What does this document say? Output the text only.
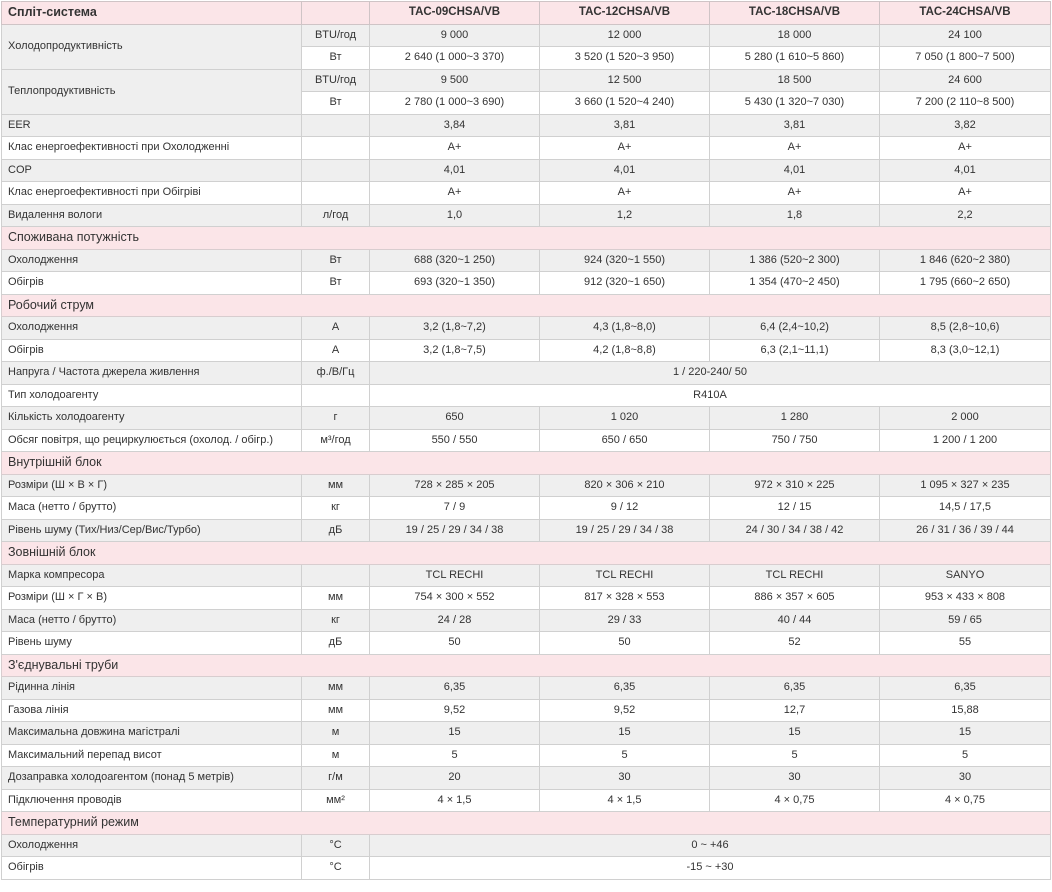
Спліт-система		TAC-09CHSA/VB	TAC-12CHSA/VB	TAC-18CHSA/VB	TAC-24CHSA/VB
Холодопродуктивність	BTU/год	9 000	12 000	18 000	24 100
	Вт	2 640 (1 000~3 370)	3 520 (1 520~3 950)	5 280 (1 610~5 860)	7 050 (1 800~7 500)
Теплопродуктивність	BTU/год	9 500	12 500	18 500	24 600
	Вт	2 780 (1 000~3 690)	3 660 (1 520~4 240)	5 430 (1 320~7 030)	7 200 (2 110~8 500)
EER		3,84	3,81	3,81	3,82
Клас енергоефективності при Охолодженні		A+	A+	A+	A+
COP		4,01	4,01	4,01	4,01
Клас енергоефективності при Обігріві		A+	A+	A+	A+
Видалення вологи	л/год	1,0	1,2	1,8	2,2
Споживана потужність					
Охолодження	Вт	688 (320~1 250)	924 (320~1 550)	1 386 (520~2 300)	1 846 (620~2 380)
Обігрів	Вт	693 (320~1 350)	912 (320~1 650)	1 354 (470~2 450)	1 795 (660~2 650)
Робочий струм					
Охолодження	А	3,2 (1,8~7,2)	4,3 (1,8~8,0)	6,4 (2,4~10,2)	8,5 (2,8~10,6)
Обігрів	А	3,2 (1,8~7,5)	4,2 (1,8~8,8)	6,3 (2,1~11,1)	8,3 (3,0~12,1)
Напруга / Частота джерела живлення	ф./В/Гц	1 / 220-240/ 50			
Тип холодоагенту		R410A			
Кількість холодоагенту	г	650	1 020	1 280	2 000
Обсяг повітря, що рециркулюється (охолод. / обігр.)	м³/год	550 / 550	650 / 650	750 / 750	1 200 / 1 200
Внутрішній блок					
Розміри (Ш × В × Г)	мм	728 × 285 × 205	820 × 306 × 210	972 × 310 × 225	1 095 × 327 × 235
Маса (нетто / брутто)	кг	7 / 9	9 / 12	12 / 15	14,5 / 17,5
Рівень шуму (Тих/Низ/Сер/Вис/Турбо)	дБ	19 / 25 / 29 / 34 / 38	19 / 25 / 29 / 34 / 38	24 / 30 / 34 / 38 / 42	26 / 31 / 36 / 39 / 44
Зовнішній блок					
Марка компресора		TCL RECHI	TCL RECHI	TCL RECHI	SANYO
Розміри (Ш × Г × В)	мм	754 × 300 × 552	817 × 328 × 553	886 × 357 × 605	953 × 433 × 808
Маса (нетто / брутто)	кг	24 / 28	29 / 33	40 / 44	59 / 65
Рівень шуму	дБ	50	50	52	55
З'єднувальні труби					
Рідинна лінія	мм	6,35	6,35	6,35	6,35
Газова лінія	мм	9,52	9,52	12,7	15,88
Максимальна довжина магістралі	м	15	15	15	15
Максимальний перепад висот	м	5	5	5	5
Дозаправка холодоагентом (понад 5 метрів)	г/м	20	30	30	30
Підключення проводів	мм²	4 × 1,5	4 × 1,5	4 × 0,75	4 × 0,75
Температурний режим					
Охолодження	°C	0 ~ +46			
Обігрів	°C	-15 ~ +30			
